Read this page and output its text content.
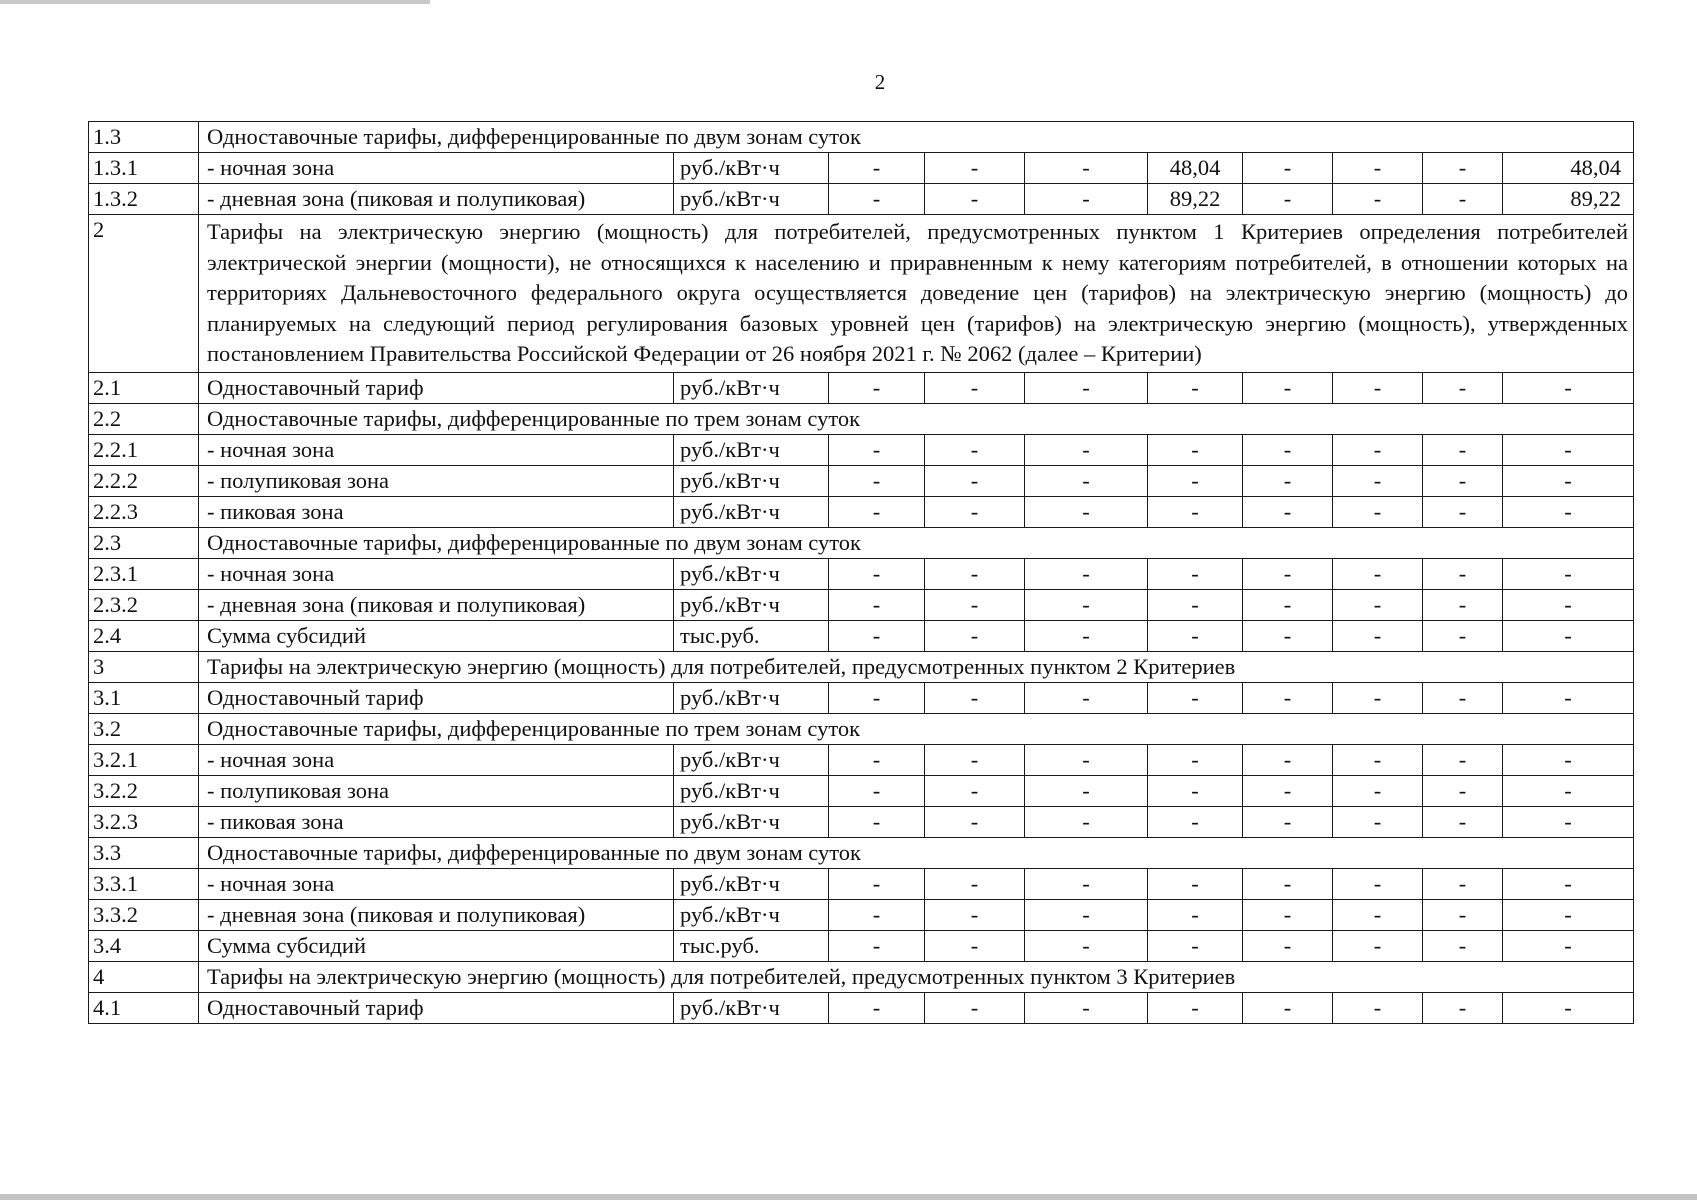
2
1.3	Одноставочные тарифы, дифференцированные по двум зонам суток									
1.3.1	- ночная зона	руб./кВт·ч	-	-	-	48,04	-	-	-	48,04
1.3.2	- дневная зона (пиковая и полупиковая)	руб./кВт·ч	-	-	-	89,22	-	-	-	89,22
2	Тарифы на электрическую энергию (мощность) для потребителей, предусмотренных пунктом 1 Критериев определения потребителей электрической энергии (мощности), не относящихся к населению и приравненным к нему категориям потребителей, в отношении которых на территориях Дальневосточного федерального округа осуществляется доведение цен (тарифов) на электрическую энергию (мощность) до планируемых на следующий период регулирования базовых уровней цен (тарифов) на электрическую энергию (мощность), утвержденных постановлением Правительства Российской Федерации от 26 ноября 2021 г. № 2062 (далее – Критерии)									
2.1	Одноставочный тариф	руб./кВт·ч	-	-	-	-	-	-	-	-
2.2	Одноставочные тарифы, дифференцированные по трем зонам суток									
2.2.1	- ночная зона	руб./кВт·ч	-	-	-	-	-	-	-	-
2.2.2	- полупиковая зона	руб./кВт·ч	-	-	-	-	-	-	-	-
2.2.3	- пиковая зона	руб./кВт·ч	-	-	-	-	-	-	-	-
2.3	Одноставочные тарифы, дифференцированные по двум зонам суток									
2.3.1	- ночная зона	руб./кВт·ч	-	-	-	-	-	-	-	-
2.3.2	- дневная зона (пиковая и полупиковая)	руб./кВт·ч	-	-	-	-	-	-	-	-
2.4	Сумма субсидий	тыс.руб.	-	-	-	-	-	-	-	-
3	Тарифы на электрическую энергию (мощность) для потребителей, предусмотренных пунктом 2 Критериев									
3.1	Одноставочный тариф	руб./кВт·ч	-	-	-	-	-	-	-	-
3.2	Одноставочные тарифы, дифференцированные по трем зонам суток									
3.2.1	- ночная зона	руб./кВт·ч	-	-	-	-	-	-	-	-
3.2.2	- полупиковая зона	руб./кВт·ч	-	-	-	-	-	-	-	-
3.2.3	- пиковая зона	руб./кВт·ч	-	-	-	-	-	-	-	-
3.3	Одноставочные тарифы, дифференцированные по двум зонам суток									
3.3.1	- ночная зона	руб./кВт·ч	-	-	-	-	-	-	-	-
3.3.2	- дневная зона (пиковая и полупиковая)	руб./кВт·ч	-	-	-	-	-	-	-	-
3.4	Сумма субсидий	тыс.руб.	-	-	-	-	-	-	-	-
4	Тарифы на электрическую энергию (мощность) для потребителей, предусмотренных пунктом 3 Критериев									
4.1	Одноставочный тариф	руб./кВт·ч	-	-	-	-	-	-	-	-
